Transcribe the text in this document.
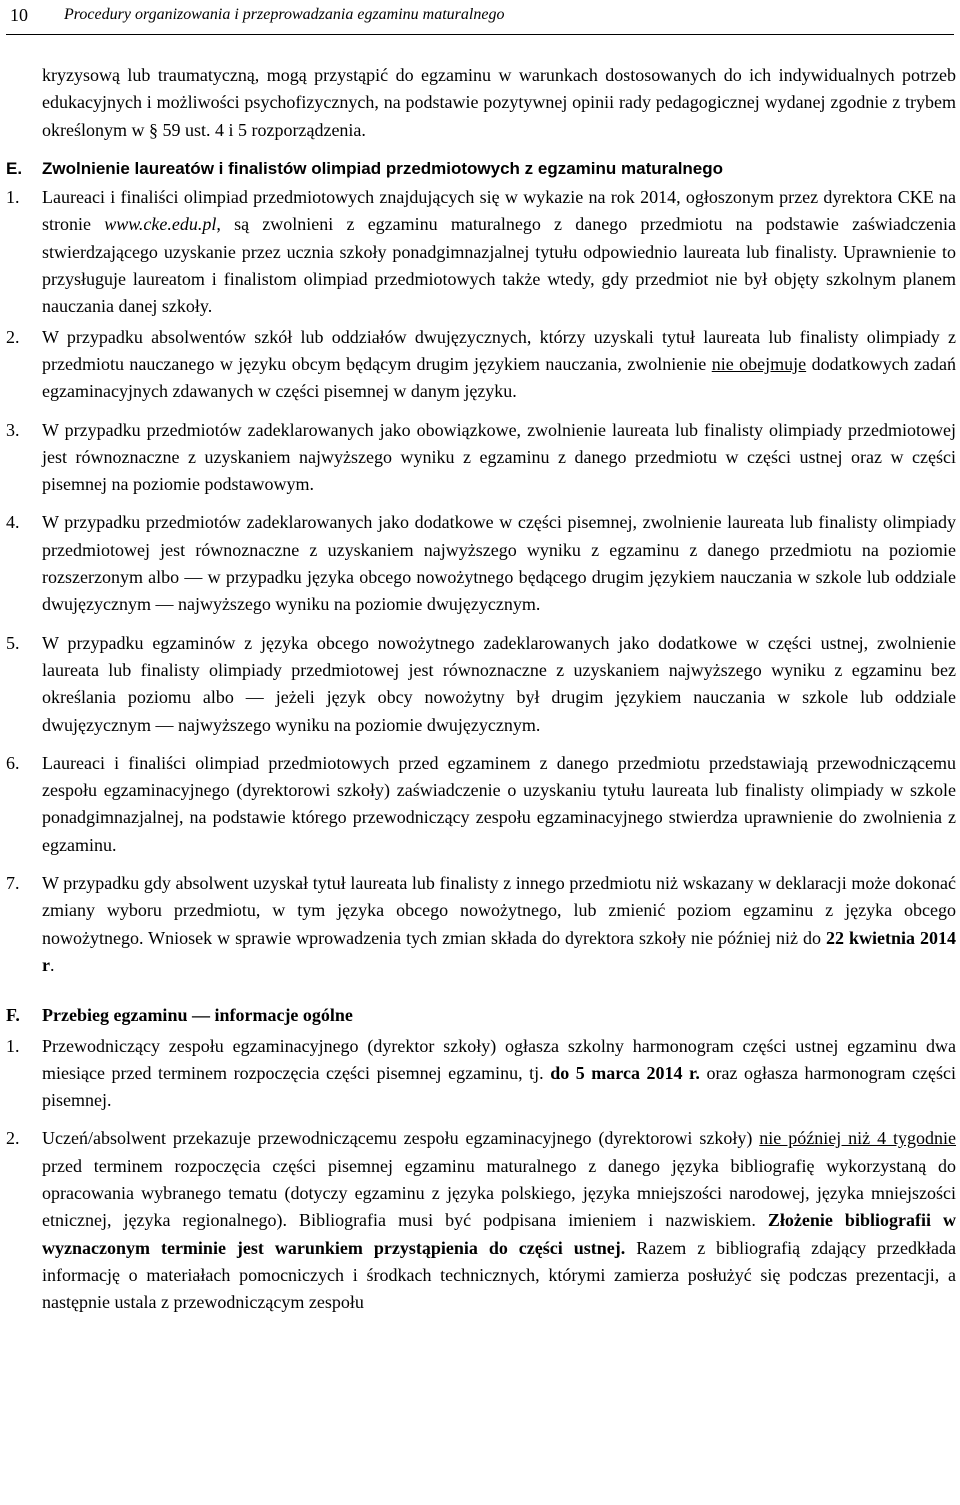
10 Procedury organizowania i przeprowadzania egzaminu maturalnego

kryzysową lub traumatyczną, mogą przystąpić do egzaminu w warunkach dostosowanych do ich indywidualnych potrzeb edukacyjnych i możliwości psychofizycznych, na podstawie pozytywnej opinii rady pedagogicznej wydanej zgodnie z trybem określonym w § 59 ust. 4 i 5 rozporządzenia.

E.	Zwolnienie laureatów i finalistów olimpiad przedmiotowych z egzaminu maturalnego
1.	Laureaci i finaliści olimpiad przedmiotowych znajdujących się w wykazie na rok 2014, ogłoszonym przez dyrektora CKE na stronie www.cke.edu.pl, są zwolnieni z egzaminu maturalnego z danego przedmiotu na podstawie zaświadczenia stwierdzającego uzyskanie przez ucznia szkoły ponadgimnazjalnej tytułu odpowiednio laureata lub finalisty. Uprawnienie to przysługuje laureatom i finalistom olimpiad przedmiotowych także wtedy, gdy przedmiot nie był objęty szkolnym planem nauczania danej szkoły.

2.	W przypadku absolwentów szkół lub oddziałów dwujęzycznych, którzy uzyskali tytuł laureata lub finalisty olimpiady z przedmiotu nauczanego w języku obcym będącym drugim językiem nauczania, zwolnienie nie obejmuje dodatkowych zadań egzaminacyjnych zdawanych w części pisemnej w danym języku.

3.	W przypadku przedmiotów zadeklarowanych jako obowiązkowe, zwolnienie laureata lub finalisty olimpiady przedmiotowej jest równoznaczne z uzyskaniem najwyższego wyniku z egzaminu z danego przedmiotu w części ustnej oraz w części pisemnej na poziomie podstawowym.

4.	W przypadku przedmiotów zadeklarowanych jako dodatkowe w części pisemnej, zwolnienie laureata lub finalisty olimpiady przedmiotowej jest równoznaczne z uzyskaniem najwyższego wyniku z egzaminu z danego przedmiotu na poziomie rozszerzonym albo — w przypadku języka obcego nowożytnego będącego drugim językiem nauczania w szkole lub oddziale dwujęzycznym — najwyższego wyniku na poziomie dwujęzycznym.

5.	W przypadku egzaminów z języka obcego nowożytnego zadeklarowanych jako dodatkowe w części ustnej, zwolnienie laureata lub finalisty olimpiady przedmiotowej jest równoznaczne z uzyskaniem najwyższego wyniku z egzaminu bez określania poziomu albo — jeżeli język obcy nowożytny był drugim językiem nauczania w szkole lub oddziale dwujęzycznym — najwyższego wyniku na poziomie dwujęzycznym.

6.	Laureaci i finaliści olimpiad przedmiotowych przed egzaminem z danego przedmiotu przedstawiają przewodniczącemu zespołu egzaminacyjnego (dyrektorowi szkoły) zaświadczenie o uzyskaniu tytułu laureata lub finalisty olimpiady w szkole ponadgimnazjalnej, na podstawie którego przewodniczący zespołu egzaminacyjnego stwierdza uprawnienie do zwolnienia z egzaminu.

7.	W przypadku gdy absolwent uzyskał tytuł laureata lub finalisty z innego przedmiotu niż wskazany w deklaracji może dokonać zmiany wyboru przedmiotu, w tym języka obcego nowożytnego, lub zmienić poziom egzaminu z języka obcego nowożytnego. Wniosek w sprawie wprowadzenia tych zmian składa do dyrektora szkoły nie później niż do 22 kwietnia 2014 r.

F.	Przebieg egzaminu — informacje ogólne
1.	Przewodniczący zespołu egzaminacyjnego (dyrektor szkoły) ogłasza szkolny harmonogram części ustnej egzaminu dwa miesiące przed terminem rozpoczęcia części pisemnej egzaminu, tj. do 5 marca 2014 r. oraz ogłasza harmonogram części pisemnej.

2.	Uczeń/absolwent przekazuje przewodniczącemu zespołu egzaminacyjnego (dyrektorowi szkoły) nie później niż 4 tygodnie przed terminem rozpoczęcia części pisemnej egzaminu maturalnego z danego języka bibliografię wykorzystaną do opracowania wybranego tematu (dotyczy egzaminu z języka polskiego, języka mniejszości narodowej, języka mniejszości etnicznej, języka regionalnego). Bibliografia musi być podpisana imieniem i nazwiskiem. Złożenie bibliografii w wyznaczonym terminie jest warunkiem przystąpienia do części ustnej. Razem z bibliografią zdający przedkłada informację o materiałach pomocniczych i środkach technicznych, którymi zamierza posłużyć się podczas prezentacji, a następnie ustala z przewodniczącym zespołu
